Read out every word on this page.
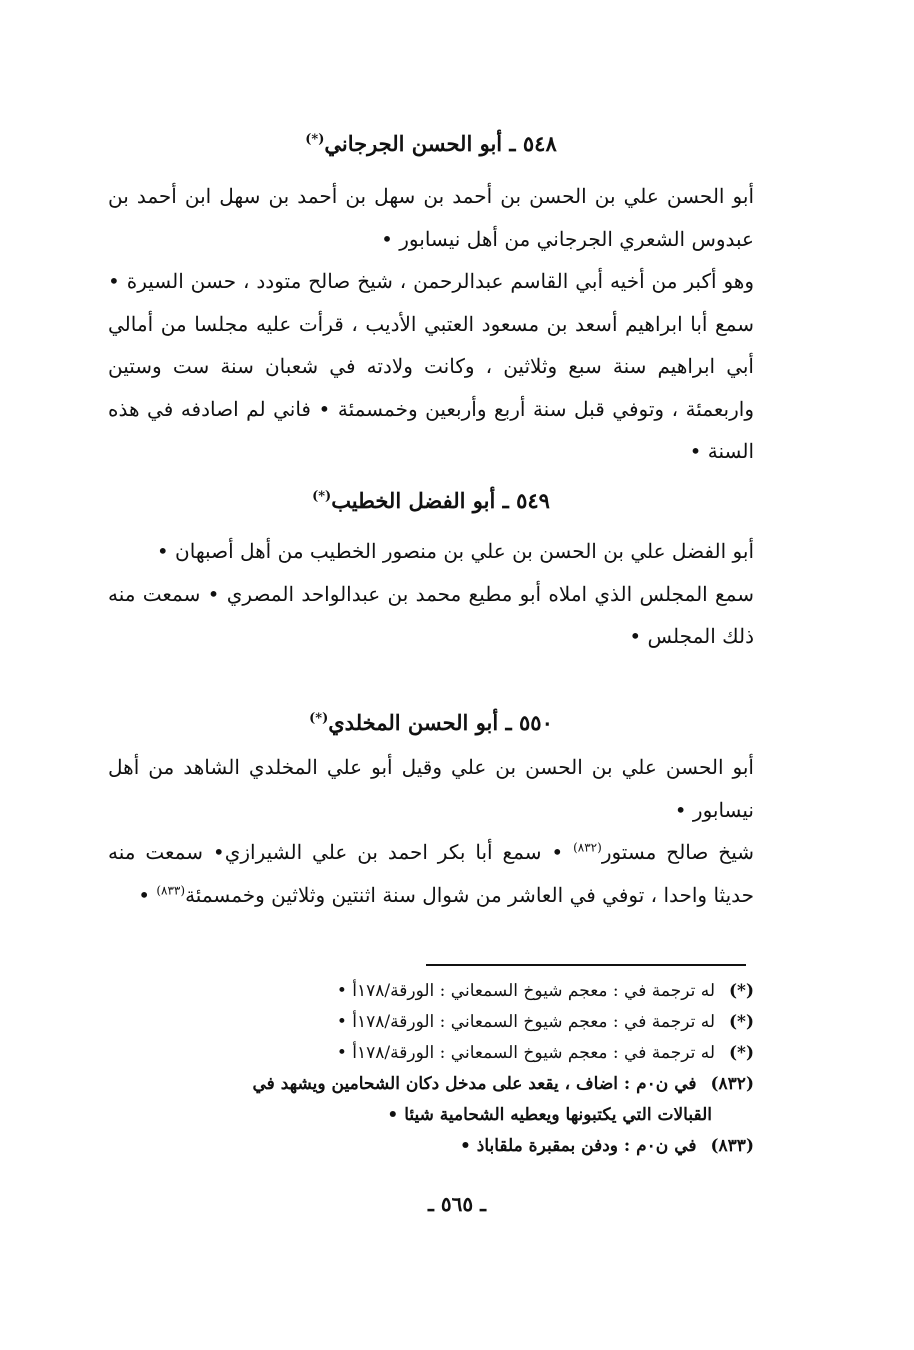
٥٤٨ ـ أبو الحسن الجرجاني(*)

أبو الحسن علي بن الحسن بن أحمد بن سهل بن أحمد بن سهل ابن أحمد بن عبدوس الشعري الجرجاني من أهل نيسابور •

وهو أكبر من أخيه أبي القاسم عبدالرحمن ، شيخ صالح متودد ، حسن السيرة • سمع أبا ابراهيم أسعد بن مسعود العتبي الأديب ، قرأت عليه مجلسا من أمالي أبي ابراهيم سنة سبع وثلاثين ، وكانت ولادته في شعبان سنة ست وستين واربعمئة ، وتوفي قبل سنة أربع وأربعين وخمسمئة • فاني لم اصادفه في هذه السنة •

٥٤٩ ـ أبو الفضل الخطيب(*)

أبو الفضل علي بن الحسن بن علي بن منصور الخطيب من أهل أصبهان •

سمع المجلس الذي املاه أبو مطيع محمد بن عبدالواحد المصري • سمعت منه ذلك المجلس •

٥٥٠ ـ أبو الحسن المخلدي(*)

أبو الحسن علي بن الحسن بن علي وقيل أبو علي المخلدي الشاهد من أهل نيسابور •

شيخ صالح مستور$^{(٨٣٢)}$ • سمع أبا بكر احمد بن علي الشيرازي• سمعت منه حديثا واحدا ، توفي في العاشر من شوال سنة اثنتين وثلاثين وخمسمئة$^{(٨٣٣)}$ •

(*)له ترجمة في : معجم شيوخ السمعاني : الورقة/١٧٨أ •

(*)له ترجمة في : معجم شيوخ السمعاني : الورقة/١٧٨أ •

(*)له ترجمة في : معجم شيوخ السمعاني : الورقة/١٧٨أ •

(٨٣٢)في ن٠م : اضاف ، يقعد على مدخل دكان الشحامين ويشهد في
القبالات التي يكتبونها ويعطيه الشحامية شيئا •

(٨٣٣)في ن٠م : ودفن بمقبرة ملقاباذ •

ـ ٥٦٥ ـ
